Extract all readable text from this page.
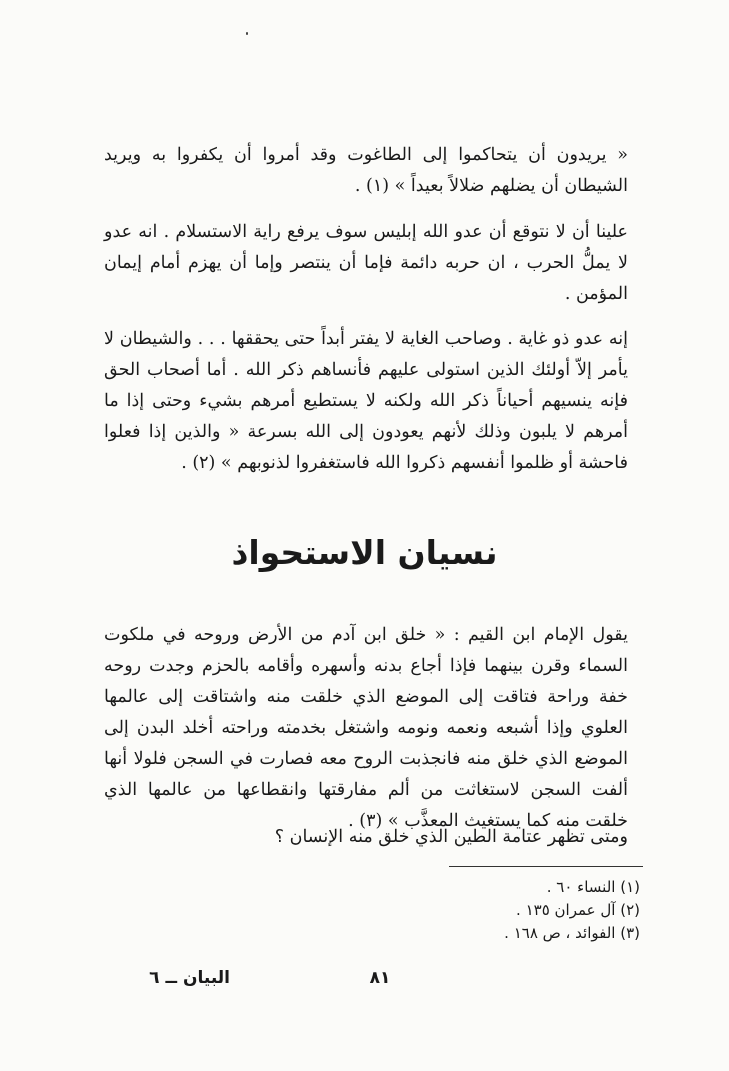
« يريدون أن يتحاكموا إلى الطاغوت وقد أمروا أن يكفروا به ويريد الشيطان أن يضلهم ضلالاً بعيداً » (١) .

علينا أن لا نتوقع أن عدو الله إبليس سوف يرفع راية الاستسلام . انه عدو لا يملُّ الحرب ، ان حربه دائمة فإما أن ينتصر وإما أن يهزم أمام إيمان المؤمن .

إنه عدو ذو غاية . وصاحب الغاية لا يفتر أبداً حتى يحققها . . . والشيطان لا يأمر إلاّ أولئك الذين استولى عليهم فأنساهم ذكر الله . أما أصحاب الحق فإنه ينسيهم أحياناً ذكر الله ولكنه لا يستطيع أمرهم بشيء وحتى إذا ما أمرهم لا يلبون وذلك لأنهم يعودون إلى الله بسرعة « والذين إذا فعلوا فاحشة أو ظلموا أنفسهم ذكروا الله فاستغفروا لذنوبهم » (٢) .

نسيان الاستحواذ

يقول الإمام ابن القيم : « خلق ابن آدم من الأرض وروحه في ملكوت السماء وقرن بينهما فإذا أجاع بدنه وأسهره وأقامه بالحزم وجدت روحه خفة وراحة فتاقت إلى الموضع الذي خلقت منه واشتاقت إلى عالمها العلوي وإذا أشبعه ونعمه ونومه واشتغل بخدمته وراحته أخلد البدن إلى الموضع الذي خلق منه فانجذبت الروح معه فصارت في السجن فلولا أنها ألفت السجن لاستغاثت من ألم مفارقتها وانقطاعها من عالمها الذي خلقت منه كما يستغيث المعذَّب » (٣) .

ومتى تظهر عتامة الطين الذي خلق منه الإنسان ؟

(١) النساء ٦٠ .
(٢) آل عمران ١٣٥ .
(٣) الفوائد ، ص ١٦٨ .
٨١
البيان ــ ٦
